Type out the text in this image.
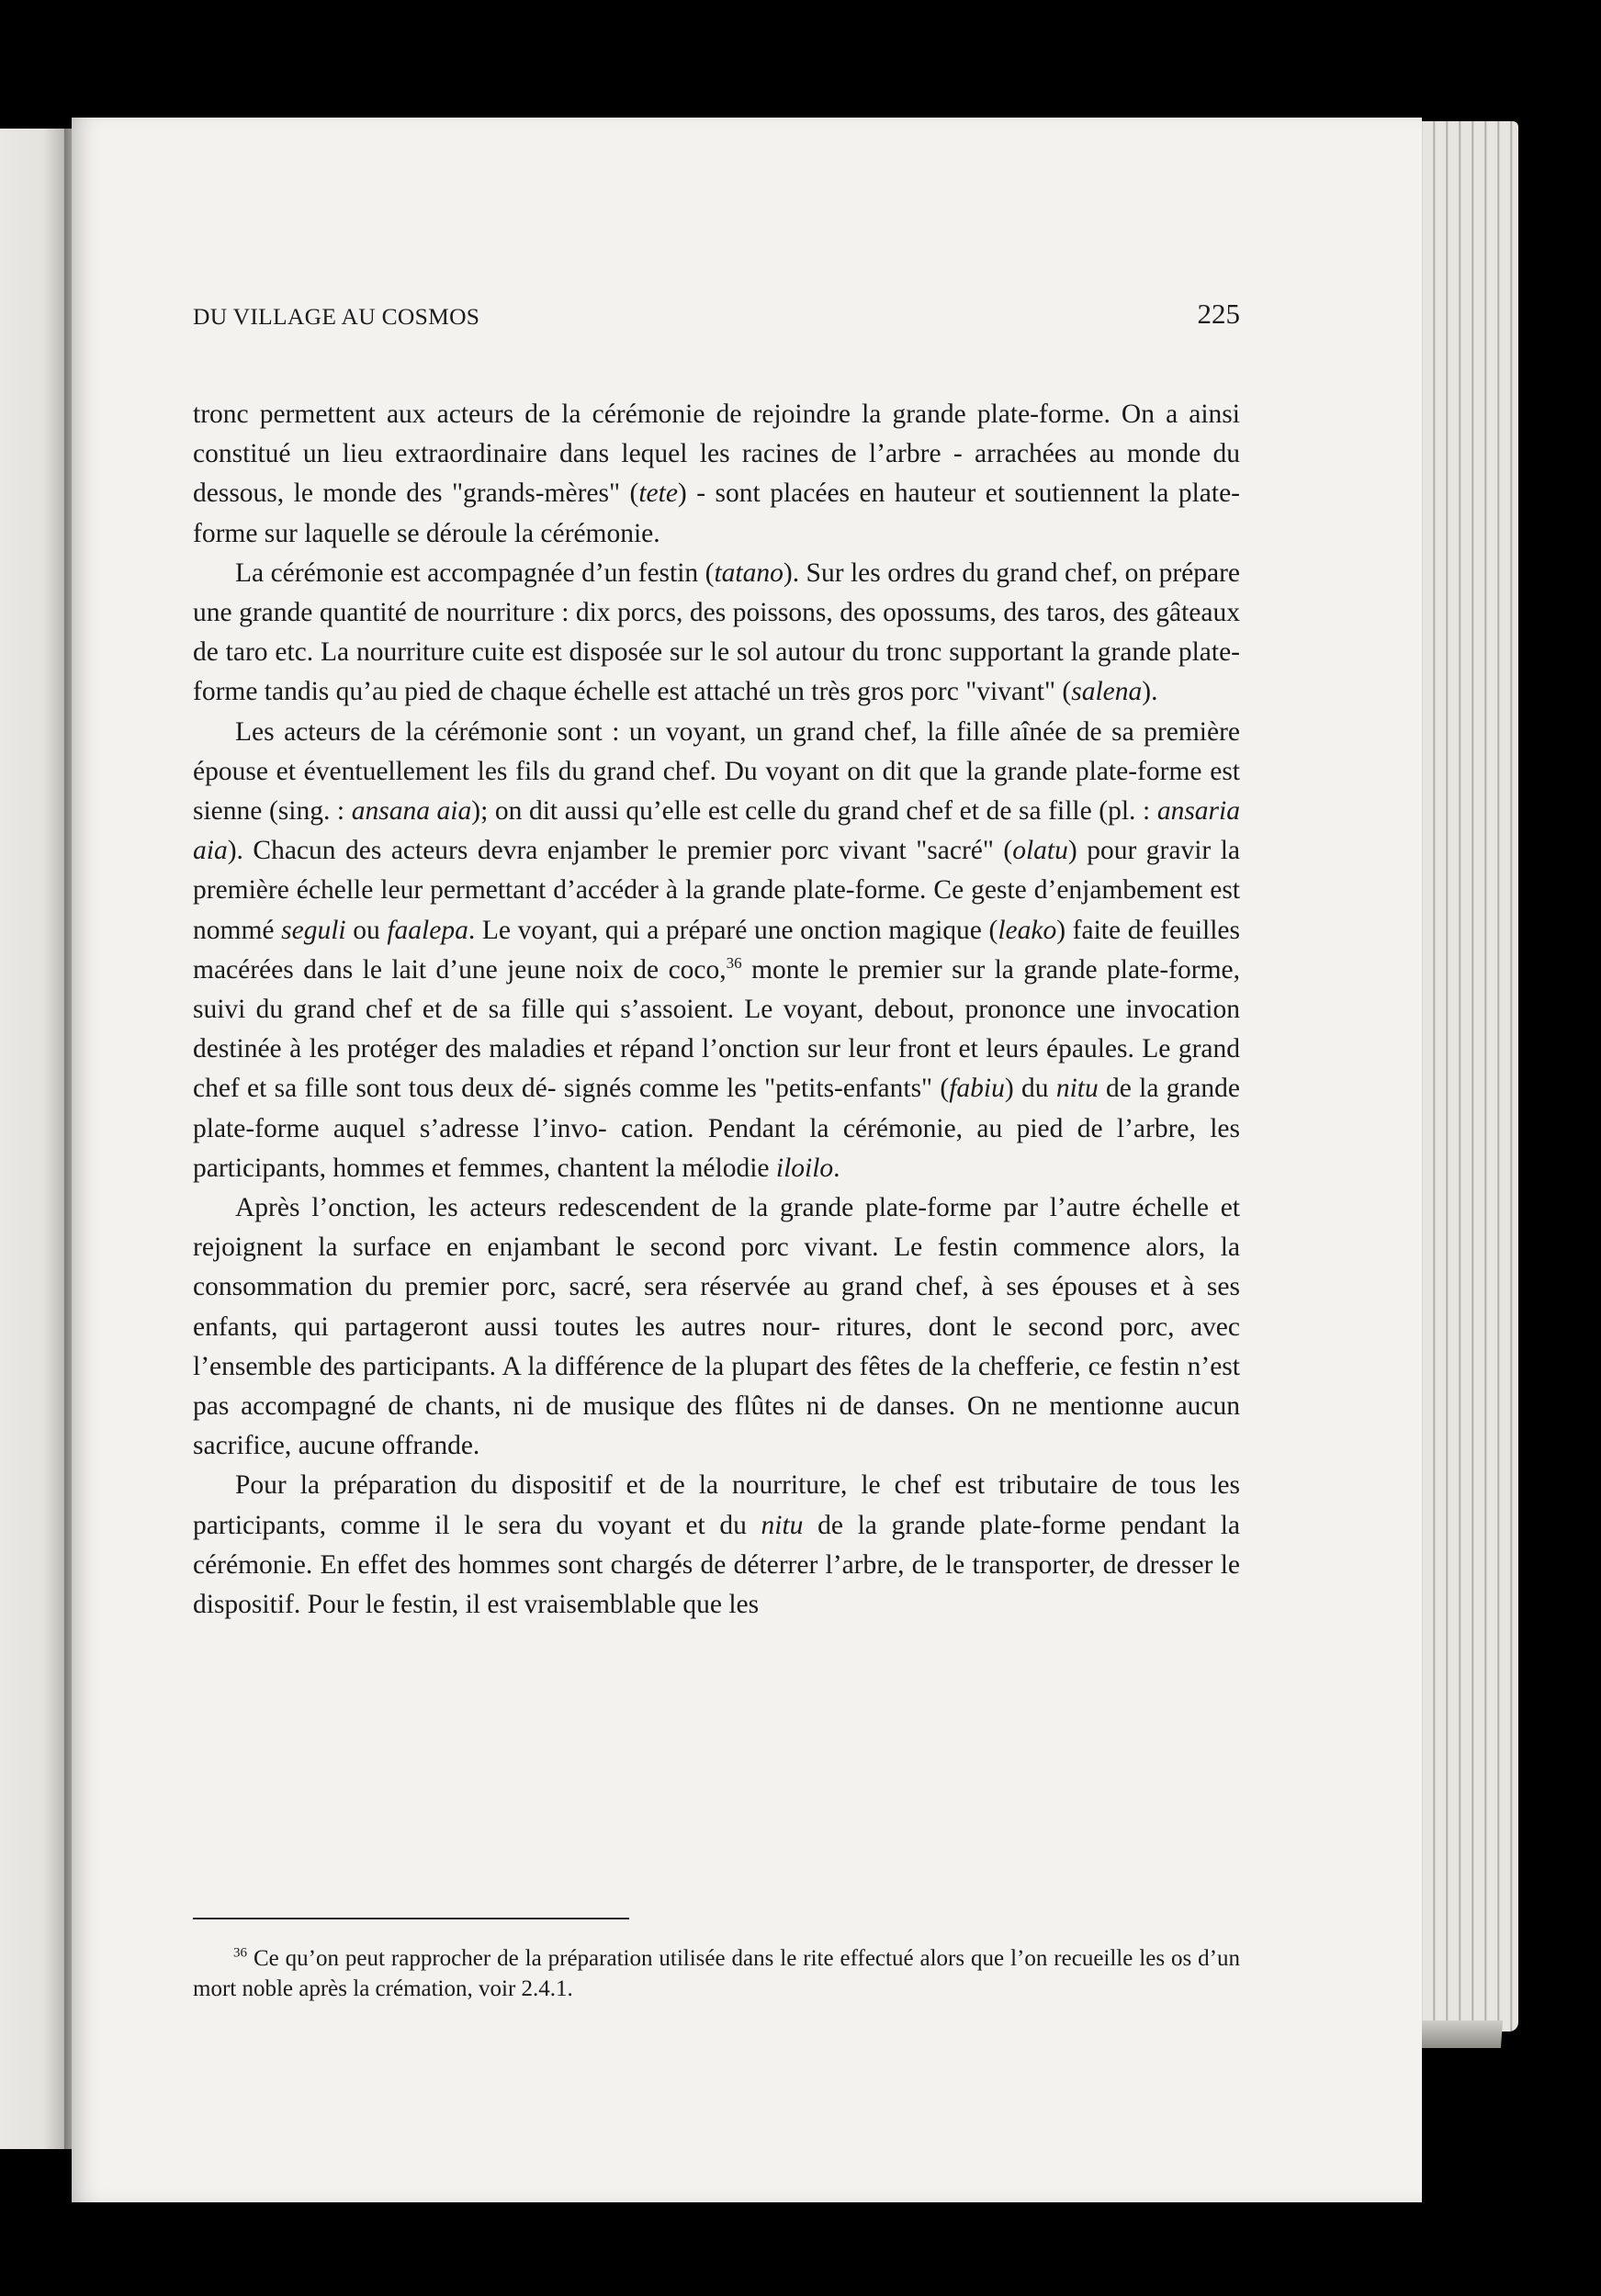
DU VILLAGE AU COSMOS	225

tronc permettent aux acteurs de la cérémonie de rejoindre la grande plate-forme. On a ainsi constitué un lieu extraordinaire dans lequel les racines de l’arbre - arrachées au monde du dessous, le monde des "grands-mères" (tete) - sont placées en hauteur et soutiennent la plate-forme sur laquelle se déroule la cérémonie.

La cérémonie est accompagnée d’un festin (tatano). Sur les ordres du grand chef, on prépare une grande quantité de nourriture : dix porcs, des poissons, des opossums, des taros, des gâteaux de taro etc. La nourriture cuite est disposée sur le sol autour du tronc supportant la grande plate-forme tandis qu’au pied de chaque échelle est attaché un très gros porc "vivant" (salena).

Les acteurs de la cérémonie sont : un voyant, un grand chef, la fille aînée de sa première épouse et éventuellement les fils du grand chef. Du voyant on dit que la grande plate-forme est sienne (sing. : ansana aia); on dit aussi qu’elle est celle du grand chef et de sa fille (pl. : ansaria aia). Chacun des acteurs devra enjamber le premier porc vivant "sacré" (olatu) pour gravir la première échelle leur permettant d’accéder à la grande plate-forme. Ce geste d’enjambement est nommé seguli ou faalepa. Le voyant, qui a préparé une onction magique (leako) faite de feuilles macérées dans le lait d’une jeune noix de coco,$^{36}$ monte le premier sur la grande plate-forme, suivi du grand chef et de sa fille qui s’assoient. Le voyant, debout, prononce une invocation destinée à les protéger des maladies et répand l’onction sur leur front et leurs épaules. Le grand chef et sa fille sont tous deux dé- signés comme les "petits-enfants" (fabiu) du nitu de la grande plate-forme auquel s’adresse l’invo- cation. Pendant la cérémonie, au pied de l’arbre, les participants, hommes et femmes, chantent la mélodie iloilo.

Après l’onction, les acteurs redescendent de la grande plate-forme par l’autre échelle et rejoignent la surface en enjambant le second porc vivant. Le festin commence alors, la consommation du premier porc, sacré, sera réservée au grand chef, à ses épouses et à ses enfants, qui partageront aussi toutes les autres nour- ritures, dont le second porc, avec l’ensemble des participants. A la différence de la plupart des fêtes de la chefferie, ce festin n’est pas accompagné de chants, ni de musique des flûtes ni de danses. On ne mentionne aucun sacrifice, aucune offrande.

Pour la préparation du dispositif et de la nourriture, le chef est tributaire de tous les participants, comme il le sera du voyant et du nitu de la grande plate-forme pendant la cérémonie. En effet des hommes sont chargés de déterrer l’arbre, de le transporter, de dresser le dispositif. Pour le festin, il est vraisemblable que les

$^{36}$ Ce qu’on peut rapprocher de la préparation utilisée dans le rite effectué alors que l’on recueille les os d’un mort noble après la crémation, voir 2.4.1.
